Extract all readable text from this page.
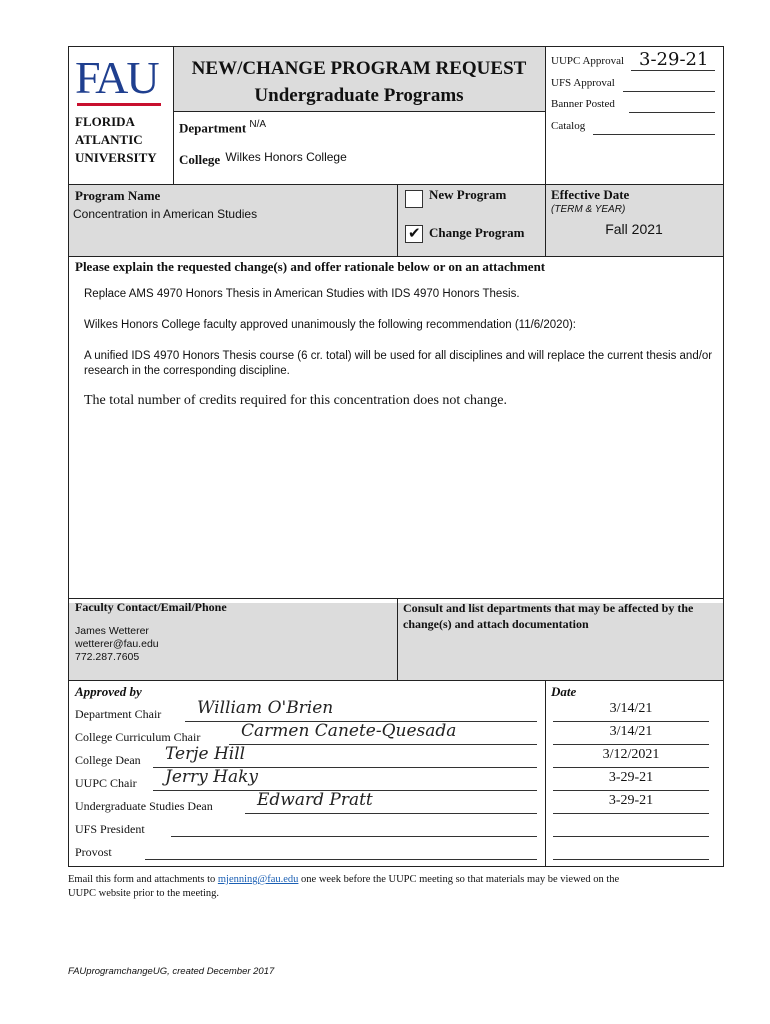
FAU
FLORIDA
ATLANTIC
UNIVERSITY
NEW/CHANGE PROGRAM REQUEST
Undergraduate Programs
Department $^{N/A}$
College Wilkes Honors College
UUPC Approval 3-29-21
UFS Approval
Banner Posted
Catalog
Program Name
Concentration in American Studies
New Program
✔ Change Program
Effective Date
(TERM & YEAR)
Fall 2021
Please explain the requested change(s) and offer rationale below or on an attachment
Replace AMS 4970 Honors Thesis in American Studies with IDS 4970 Honors Thesis.
Wilkes Honors College faculty approved unanimously the following recommendation (11/6/2020):
A unified IDS 4970 Honors Thesis course (6 cr. total) will be used for all disciplines and will replace the current thesis and/or research in the corresponding discipline.
The total number of credits required for this concentration does not change.
Faculty Contact/Email/Phone
James Wetterer
wetterer@fau.edu
772.287.7605
Consult and list departments that may be affected by the change(s) and attach documentation
Approved by	Date
Department Chair William O'Brien	3/14/21
College Curriculum Chair Carmen Canete-Quesada	3/14/21
College Dean Terje Hill	3/12/2021
UUPC Chair Jerry Haky	3-29-21
Undergraduate Studies Dean	Edward Pratt	3-29-21
UFS President
Provost
Email this form and attachments to mjenning@fau.edu one week before the UUPC meeting so that materials may be viewed on the
UUPC website prior to the meeting.
FAUprogramchangeUG, created December 2017
